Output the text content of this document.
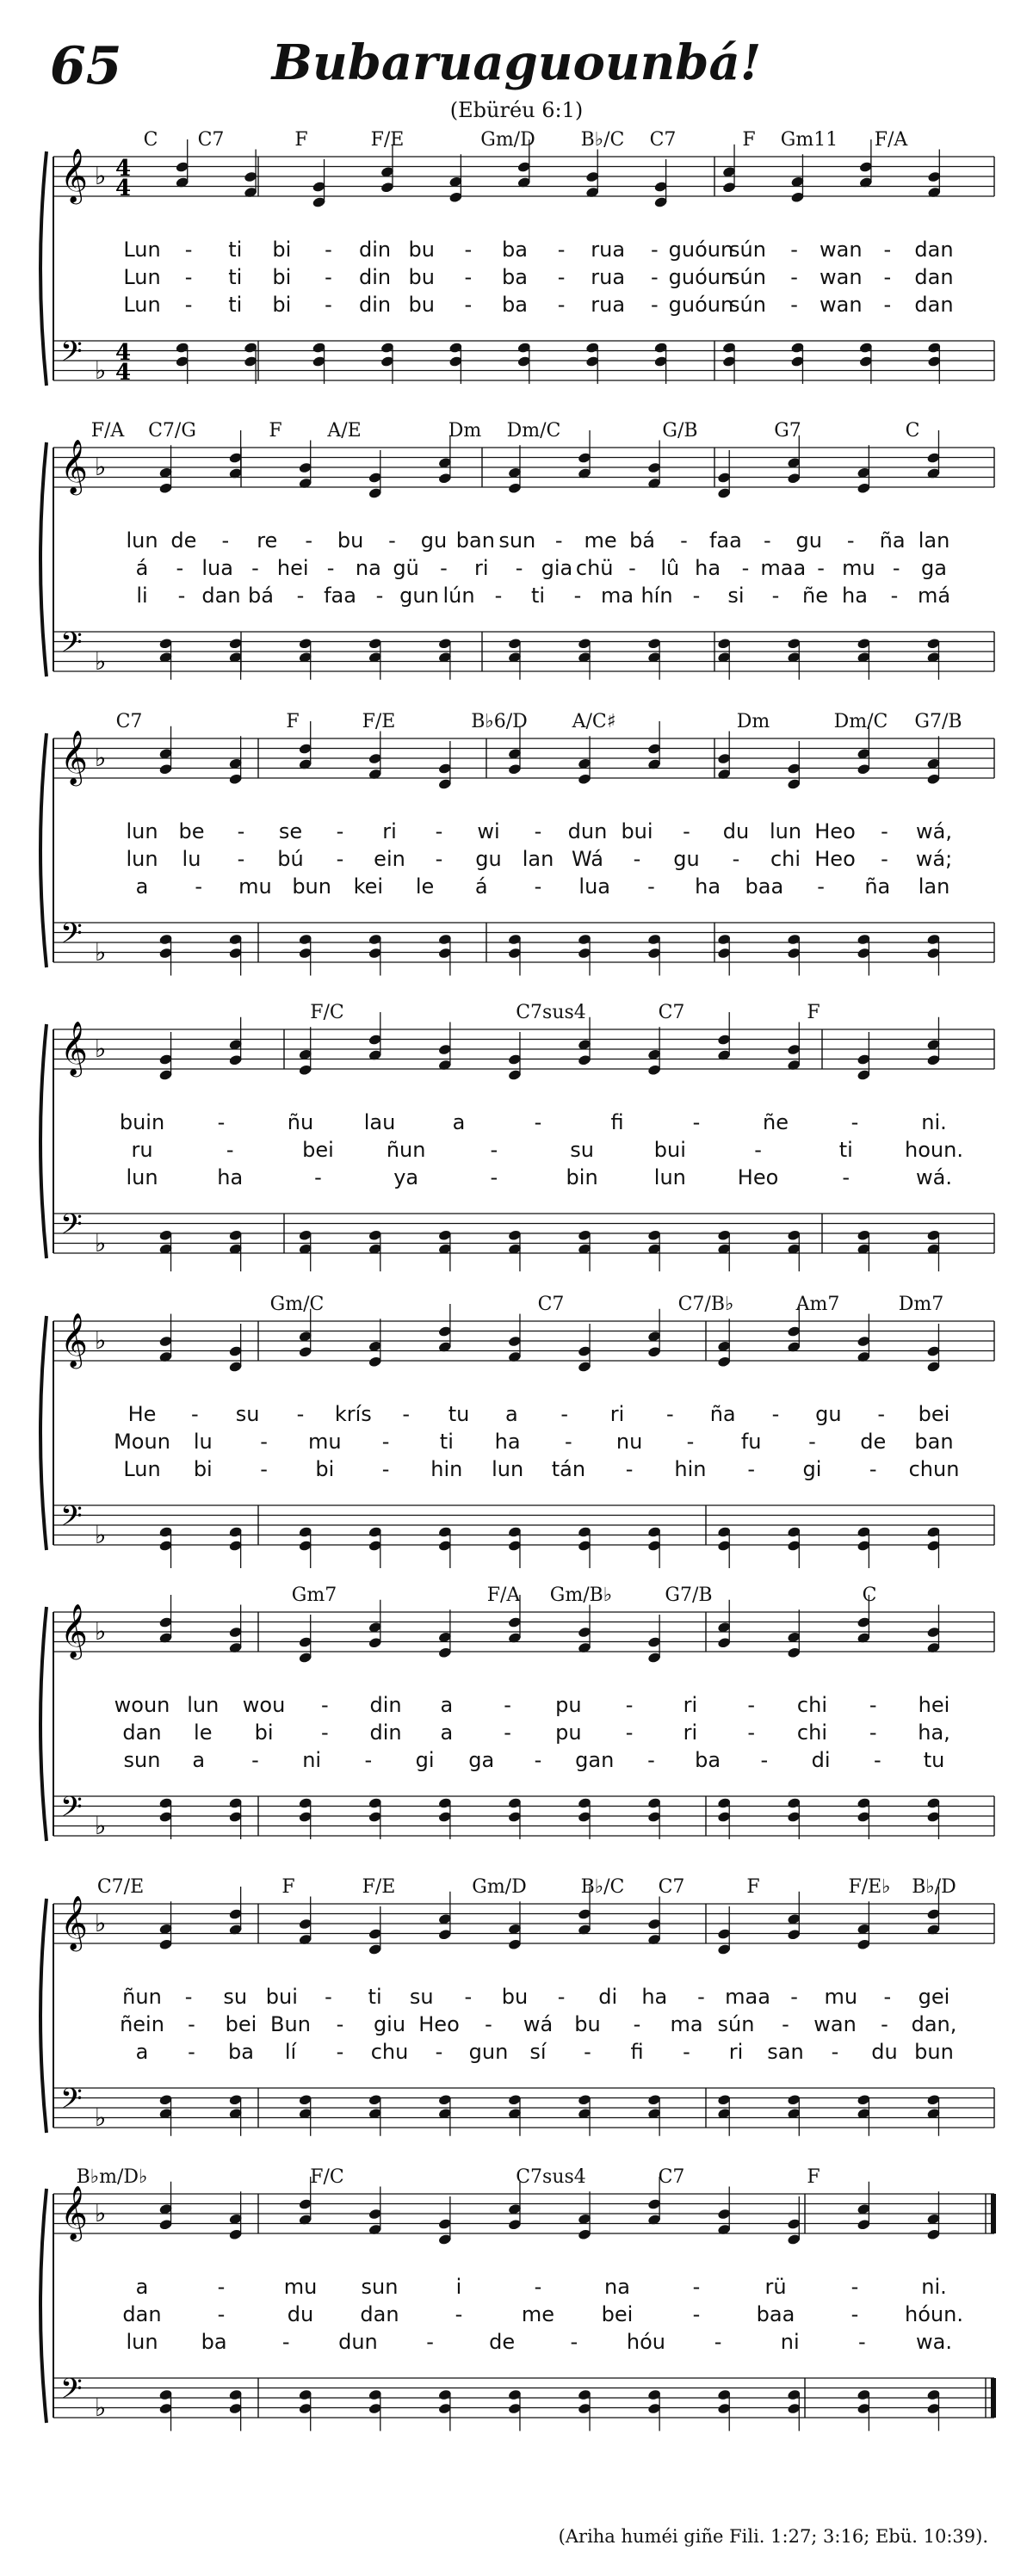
65	Bubaruaguounbá!
(Ebüréu 6:1)
𝄞
𝄢
♭
♭
4
4
4
4
C C7	F	F/E	Gm/D B♭/C C7	F Gm11 F/A
Lun - ti bi - din bu - ba - rua - guóun
sún - wan - dan
Lun - ti bi - din bu - ba - rua - guóun
sún - wan - dan
Lun - ti bi - din bu - ba - rua - guóun
sún - wan - dan
𝄞
𝄢
♭
♭
F/A C7/G	F A/E	Dm Dm/C	G/B	G7	C
lun de - re - bu - gu ban sun - me bá - faa - gu - ña lan
á - lua - hei - na gü - ri - gia chü - lû ha - maa - mu - ga
li - dan bá - faa - gun lún - ti - ma hín - si - ñe ha - má
𝄞
𝄢
♭
♭
C7	F	F/E	B♭6/D A/C♯	Dm	Dm/C G7/B
lun be - se - ri - wi - dun bui - du lun Heo - wá,
lun lu - bú - ein - gu lan Wá - gu - chi Heo - wá;
a - mu bun kei le á - lua - ha baa - ña lan
𝄞
𝄢
♭
♭
F/C	C7sus4	C7	F
buin	-	ñu lau	a	-	fi	-	ñe	-	ni.
ru	-	bei	ñun	-	su	bui	-	ti	houn.
lun	ha	-	ya	-	bin	lun Heo	-	wá.
𝄞
𝄢
♭
♭
Gm/C	C7	C7/B♭	Am7	Dm7
He - su - krís - tu a - ri - ña - gu - bei
Moun lu - mu - ti ha - nu - fu - de ban
Lun bi - bi - hin lun tán - hin - gi - chun
𝄞
𝄢
♭
♭
Gm7	F/A Gm/B♭	G7/B	C
woun lun wou - din a - pu - ri - chi - hei
dan le bi - din a - pu - ri - chi - ha,
sun a - ni - gi ga - gan - ba - di - tu
𝄞
𝄢
♭
♭
C7/E	F	F/E	Gm/D	B♭/C C7	F	F/E♭ B♭/D
ñun - su bui - ti su - bu - di ha - maa - mu - gei
ñein - bei Bun - giu Heo - wá bu - ma sún - wan - dan,
a - ba lí - chu - gun sí - fi - ri san - du bun
𝄞
𝄢
♭
♭
B♭m/D♭	F/C	C7sus4	C7	F
a	-	mu sun	i	-	na	-	rü	-	ni.
dan	-	du dan	-	me bei	-	baa	- hóun.
lun ba	- dun -	de	- hóu -	ni	- wa.
(Ariha huméi giñe Fili. 1:27; 3:16; Ebü. 10:39).
